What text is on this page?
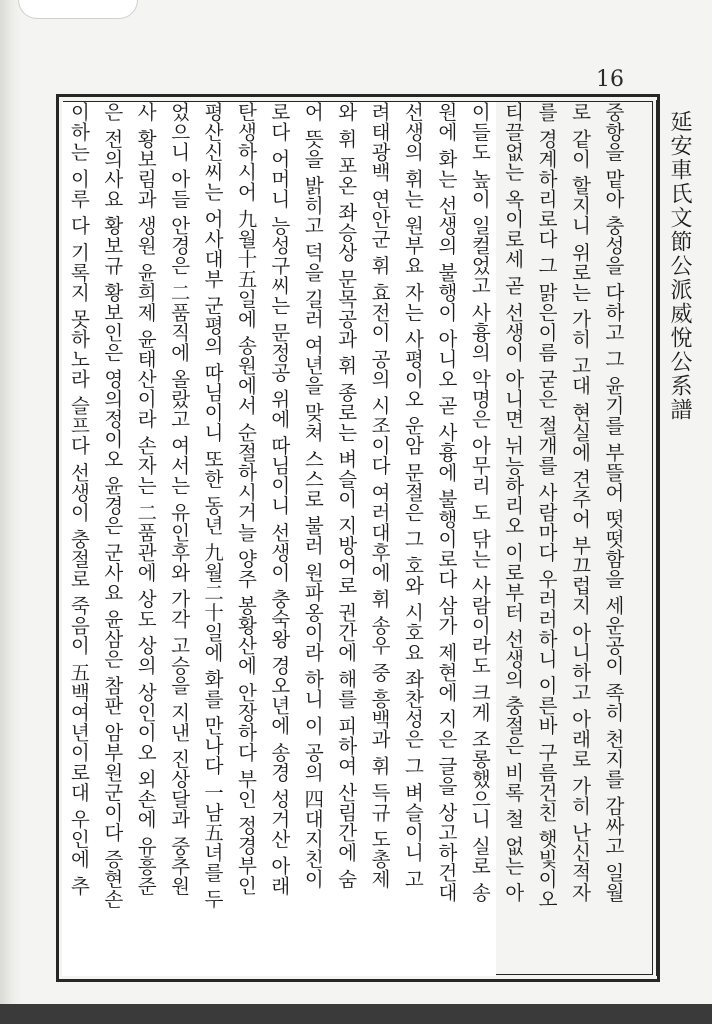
16
延安車氏文節公派威悅公系譜
중항을 맡아 충성을 다하고 그 윤기를 부뜰어 떳떳함을 세운공이 족히 천지를 감싸고 일월
로 같이 할지니 위로는 가히 고대 현실에 견주어 부끄럽지 아니하고 아래로 가히 난신적자
를 경계하리로다 그 맑은이름 굳은 절개를 사람마다 우러러하니 이른바 구름건친 햇빛이오
티끌없는 옥이로세 곧 선생이 아니면 뉘능하리오 이로부터 선생의 충절은 비록 철 없는 아
이들도 높이 일컬었고 사흉의 악명은 아무리 도 닦는 사람이라도 크게 조롱했으니 실로 송
원에 화는 선생의 불행이 아니오 곧 사흉에 불행이로다 삼가 제현에 지은 글을 상고하건대
선생의 휘는 원부요 자는 사평이오 운암 문절은 그 호와 시호요 좌찬성은 그 벼슬이니 고
려태광백 연안군 휘 효전이 공의 시조이다 여러대후에 휘 송우 중 흥백과 휘 득규 도총제
와 휘 포온 좌승상 문목공과 휘 종로는 벼슬이 지방어로 권간에 해를 피하여 산림간에 숨
어 뜻을 밝히고 덕을 길러 여년을 맞쳐 스스로 불러 원파옹이라 하니 이 공의 四대지친이
로다 어머니 능성구씨는 문정공 위에 따님이니 선생이 충숙왕 경오년에 송경 성거산 아래
탄생하시어 九월十五일에 송원에서 순절하시거늘 양주 봉황산에 안장하다 부인 정경부인
평산신씨는 어사대부 군평의 따님이니 또한 동년 九월二十일에 화를 만나다 一남五녀를 두
었으니 아들 안경은 二품직에 올랐고 여서는 유인후와 가각 고승을 지낸 진상달과 중추원
사 황보림과 생원 윤희제 윤태산이라 손자는 二품관에 상도 상의 상인이오 외손에 유흥준
은 전의사요 황보규 황보인은 영의정이오 윤경은 군사요 윤삼은 참판 암부원군이다 증현손
이하는 이루 다 기록지 못하노라 슬프다 선생이 충절로 죽음이 五백여년이로대 우인에 추
